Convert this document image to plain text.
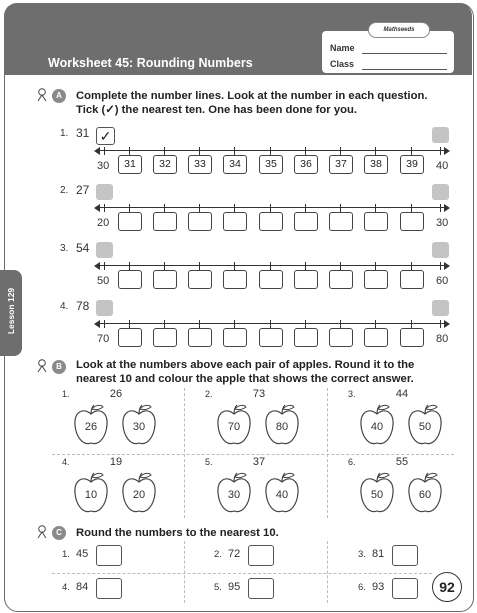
Worksheet 45: Rounding Numbers
Name
Class
Mathseeds
Lesson 129
A	Complete the number lines. Look at the number in each question.
Tick (✓) the nearest ten. One has been done for you.
1. 31 ✓
30	40
31	32	33	34	35	36	37	38	39
2. 27
20	30
3. 54
50	60
4. 78
70	80
B	Look at the numbers above each pair of apples. Round it to the
nearest 10 and colour the apple that shows the correct answer.
1.	26
26	30
2.	73
70	80
3.	44
40	50
4.	19
10	20
5.	37
30	40
6.	55
50	60
C	Round the numbers to the nearest 10.
1. 45	2. 72	3. 81
4. 84	5. 95	6. 93	92
